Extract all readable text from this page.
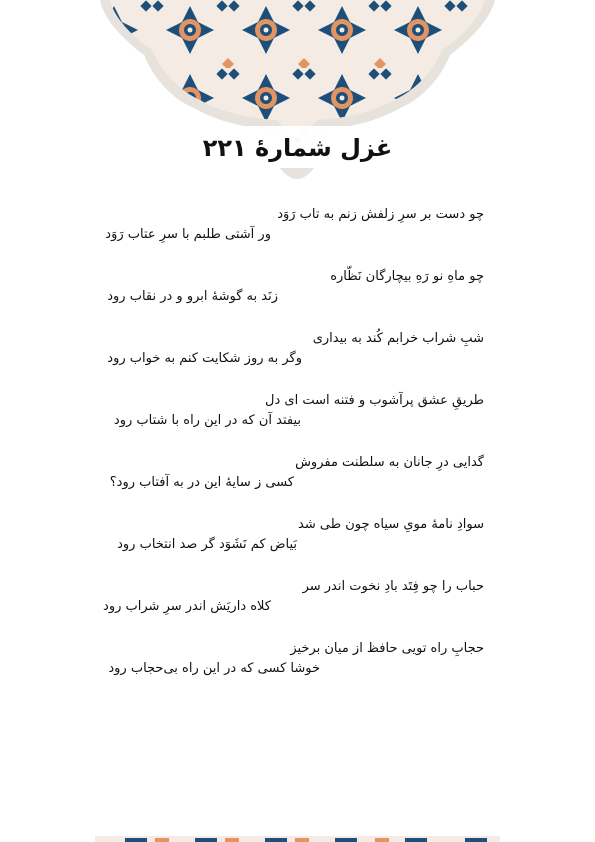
غزل شمارهٔ ۲۲۱
چو دست بر سرِ زلفش زنم به تاب رَوَد
ور آشتی طلبم با سرِ عتاب رَوَد
چو ماهِ نو رَهِ بیچارگان نَظّاره
زنَد به گوشهٔ ابرو و در نقاب رود
شبِ شراب خرابم کُند به بیداری
وگر به روز شکایت کنم به خواب رود
طریقِ عشق پرآشوب و فتنه است ای دل
بیفتد آن که در این راه با شتاب رود
گدایی درِ جانان به سلطنت مفروش
کسی ز سایهٔ این در به آفتاب رود؟
سوادِ نامهٔ مویِ سیاه چون طی شد
بَیاض کم نَشَوَد گر صد انتخاب رود
حباب را چو فِتَد بادِ نخوت اندر سر
کلاه داریَش اندر سرِ شراب رود
حجابِ راه تویی حافظ از میان برخیز
خوشا کسی که در این راه بی‌حجاب رود
